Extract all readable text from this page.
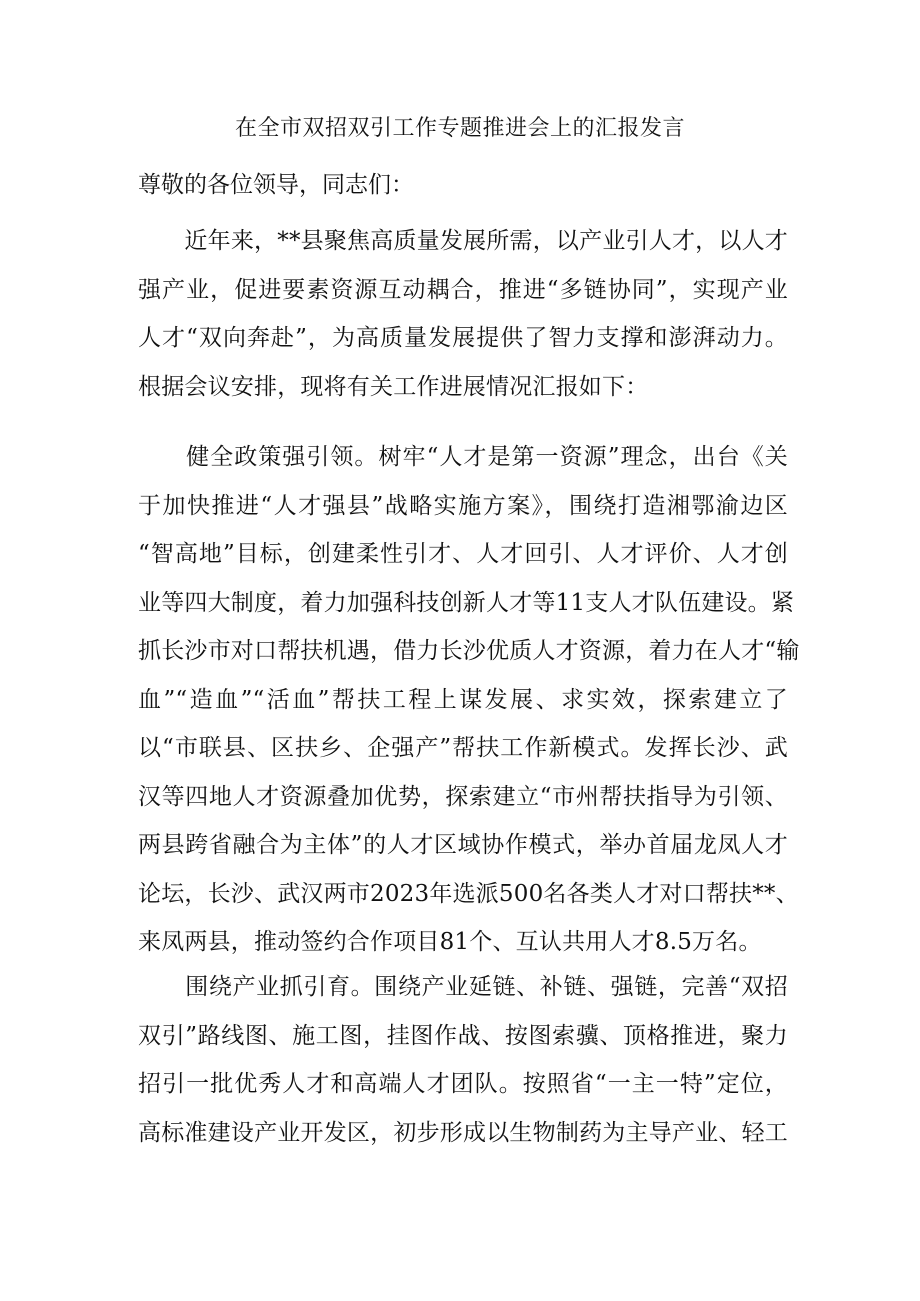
在全市双招双引工作专题推进会上的汇报发言
尊敬的各位领导，同志们：
　　近年来，**县聚焦高质量发展所需，以产业引人才，以人才
强产业，促进要素资源互动耦合，推进“多链协同”，实现产业
人才“双向奔赴”，为高质量发展提供了智力支撑和澎湃动力。
根据会议安排，现将有关工作进展情况汇报如下：
　　健全政策强引领。树牢“人才是第一资源”理念，出台《关
于加快推进“人才强县”战略实施方案》，围绕打造湘鄂渝边区
“智高地”目标，创建柔性引才、人才回引、人才评价、人才创
业等四大制度，着力加强科技创新人才等11支人才队伍建设。紧
抓长沙市对口帮扶机遇，借力长沙优质人才资源，着力在人才“输
血”“造血”“活血”帮扶工程上谋发展、求实效，探索建立了
以“市联县、区扶乡、企强产”帮扶工作新模式。发挥长沙、武
汉等四地人才资源叠加优势，探索建立“市州帮扶指导为引领、
两县跨省融合为主体”的人才区域协作模式，举办首届龙凤人才
论坛，长沙、武汉两市2023年选派500名各类人才对口帮扶**、
来凤两县，推动签约合作项目81个、互认共用人才8.5万名。
　　围绕产业抓引育。围绕产业延链、补链、强链，完善“双招
双引”路线图、施工图，挂图作战、按图索骥、顶格推进，聚力
招引一批优秀人才和高端人才团队。按照省“一主一特”定位，
高标准建设产业开发区，初步形成以生物制药为主导产业、轻工
